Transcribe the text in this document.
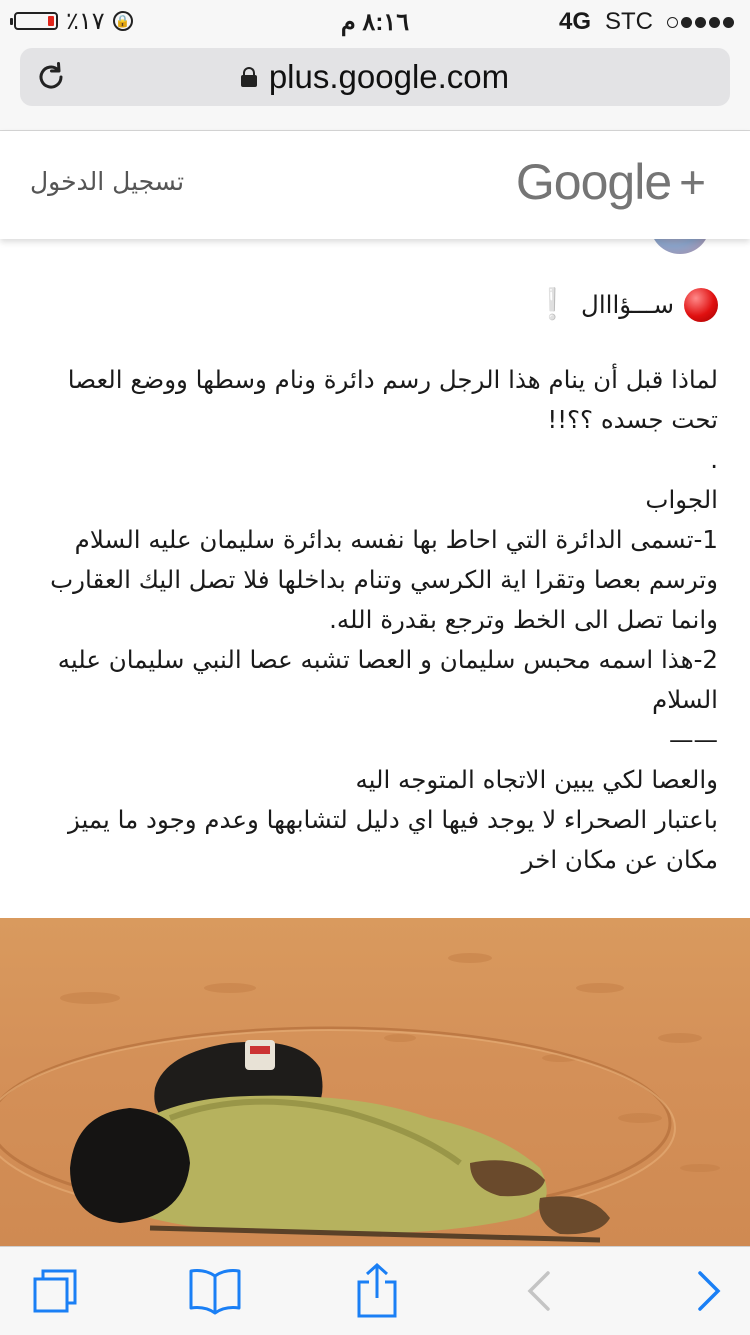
٪١٧ 🔒	٨:١٦ م	4G STC
plus.google.com
تسجيل الدخول	Google +
ســـؤااال
❕

لماذا قبل أن ينام هذا الرجل رسم دائرة ونام وسطها ووضع العصا تحت جسده ؟؟!!

.

الجواب

1-تسمى الدائرة التي احاط بها نفسه بدائرة سليمان عليه السلام وترسم بعصا وتقرا اية الكرسي وتنام بداخلها فلا تصل اليك العقارب وانما تصل الى الخط وترجع بقدرة الله.

2-هذا اسمه محبس سليمان و العصا تشبه عصا النبي سليمان عليه السلام

——

والعصا لكي يبين الاتجاه المتوجه اليه

باعتبار الصحراء لا يوجد فيها اي دليل لتشابهها وعدم وجود ما يميز مكان عن مكان اخر
